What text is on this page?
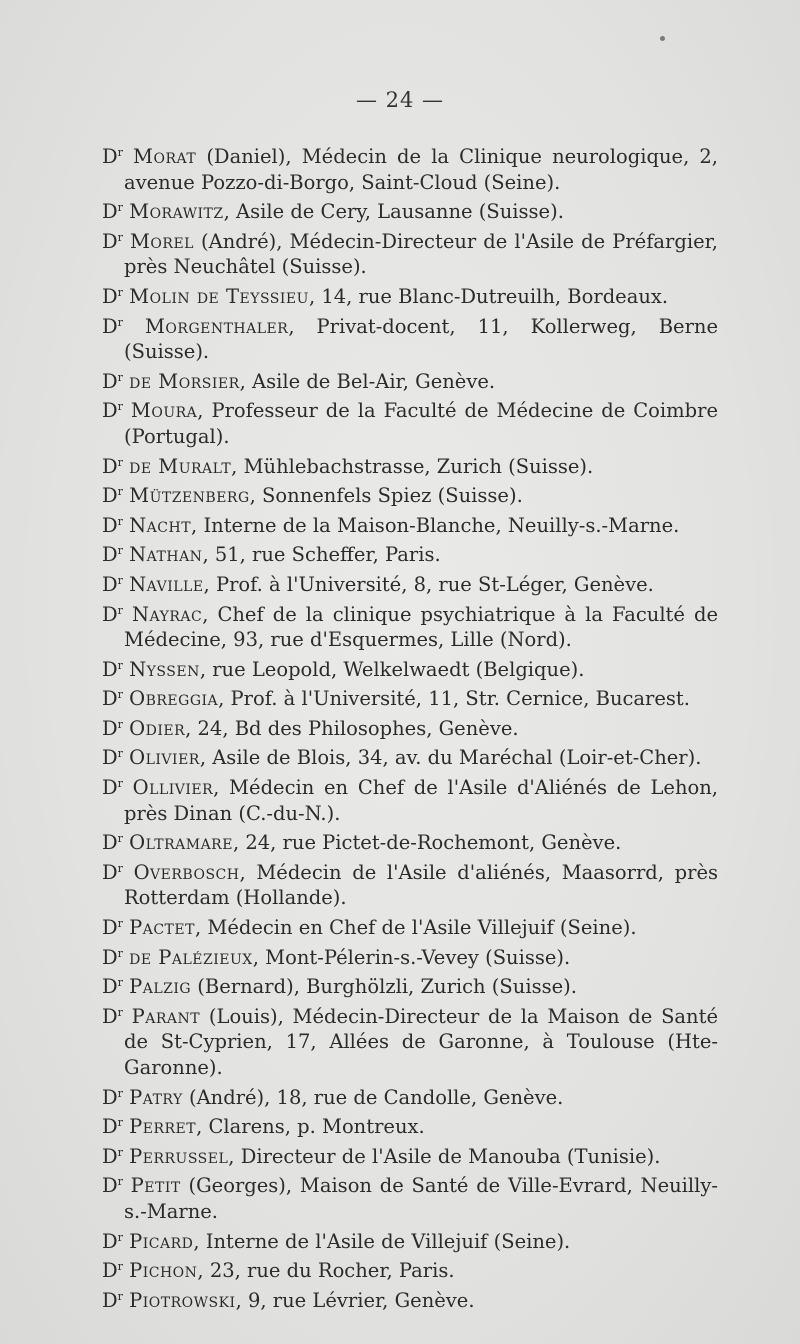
— 24 —

$D^r$ Morat (Daniel), Médecin de la Clinique neurologique, 2, avenue Pozzo-di-Borgo, Saint-Cloud (Seine).

$D^r$ Morawitz, Asile de Cery, Lausanne (Suisse).

$D^r$ Morel (André), Médecin-Directeur de l'Asile de Préfargier, près Neuchâtel (Suisse).

$D^r$ Molin de Teyssieu, 14, rue Blanc-Dutreuilh, Bordeaux.

$D^r$ Morgenthaler, Privat-docent, 11, Kollerweg, Berne (Suisse).

$D^r$ de Morsier, Asile de Bel-Air, Genève.

$D^r$ Moura, Professeur de la Faculté de Médecine de Coimbre (Portugal).

$D^r$ de Muralt, Mühlebachstrasse, Zurich (Suisse).

$D^r$ Mützenberg, Sonnenfels Spiez (Suisse).

$D^r$ Nacht, Interne de la Maison-Blanche, Neuilly-s.-Marne.

$D^r$ Nathan, 51, rue Scheffer, Paris.

$D^r$ Naville, Prof. à l'Université, 8, rue St-Léger, Genève.

$D^r$ Nayrac, Chef de la clinique psychiatrique à la Faculté de Médecine, 93, rue d'Esquermes, Lille (Nord).

$D^r$ Nyssen, rue Leopold, Welkelwaedt (Belgique).

$D^r$ Obreggia, Prof. à l'Université, 11, Str. Cernice, Bucarest.

$D^r$ Odier, 24, Bd des Philosophes, Genève.

$D^r$ Olivier, Asile de Blois, 34, av. du Maréchal (Loir-et-Cher).

$D^r$ Ollivier, Médecin en Chef de l'Asile d'Aliénés de Lehon, près Dinan (C.-du-N.).

$D^r$ Oltramare, 24, rue Pictet-de-Rochemont, Genève.

$D^r$ Overbosch, Médecin de l'Asile d'aliénés, Maasorrd, près Rotterdam (Hollande).

$D^r$ Pactet, Médecin en Chef de l'Asile Villejuif (Seine).

$D^r$ de Palézieux, Mont-Pélerin-s.-Vevey (Suisse).

$D^r$ Palzig (Bernard), Burghölzli, Zurich (Suisse).

$D^r$ Parant (Louis), Médecin-Directeur de la Maison de Santé de St-Cyprien, 17, Allées de Garonne, à Toulouse (Hte-Garonne).

$D^r$ Patry (André), 18, rue de Candolle, Genève.

$D^r$ Perret, Clarens, p. Montreux.

$D^r$ Perrussel, Directeur de l'Asile de Manouba (Tunisie).

$D^r$ Petit (Georges), Maison de Santé de Ville-Evrard, Neuilly-s.-Marne.

$D^r$ Picard, Interne de l'Asile de Villejuif (Seine).

$D^r$ Pichon, 23, rue du Rocher, Paris.

$D^r$ Piotrowski, 9, rue Lévrier, Genève.
